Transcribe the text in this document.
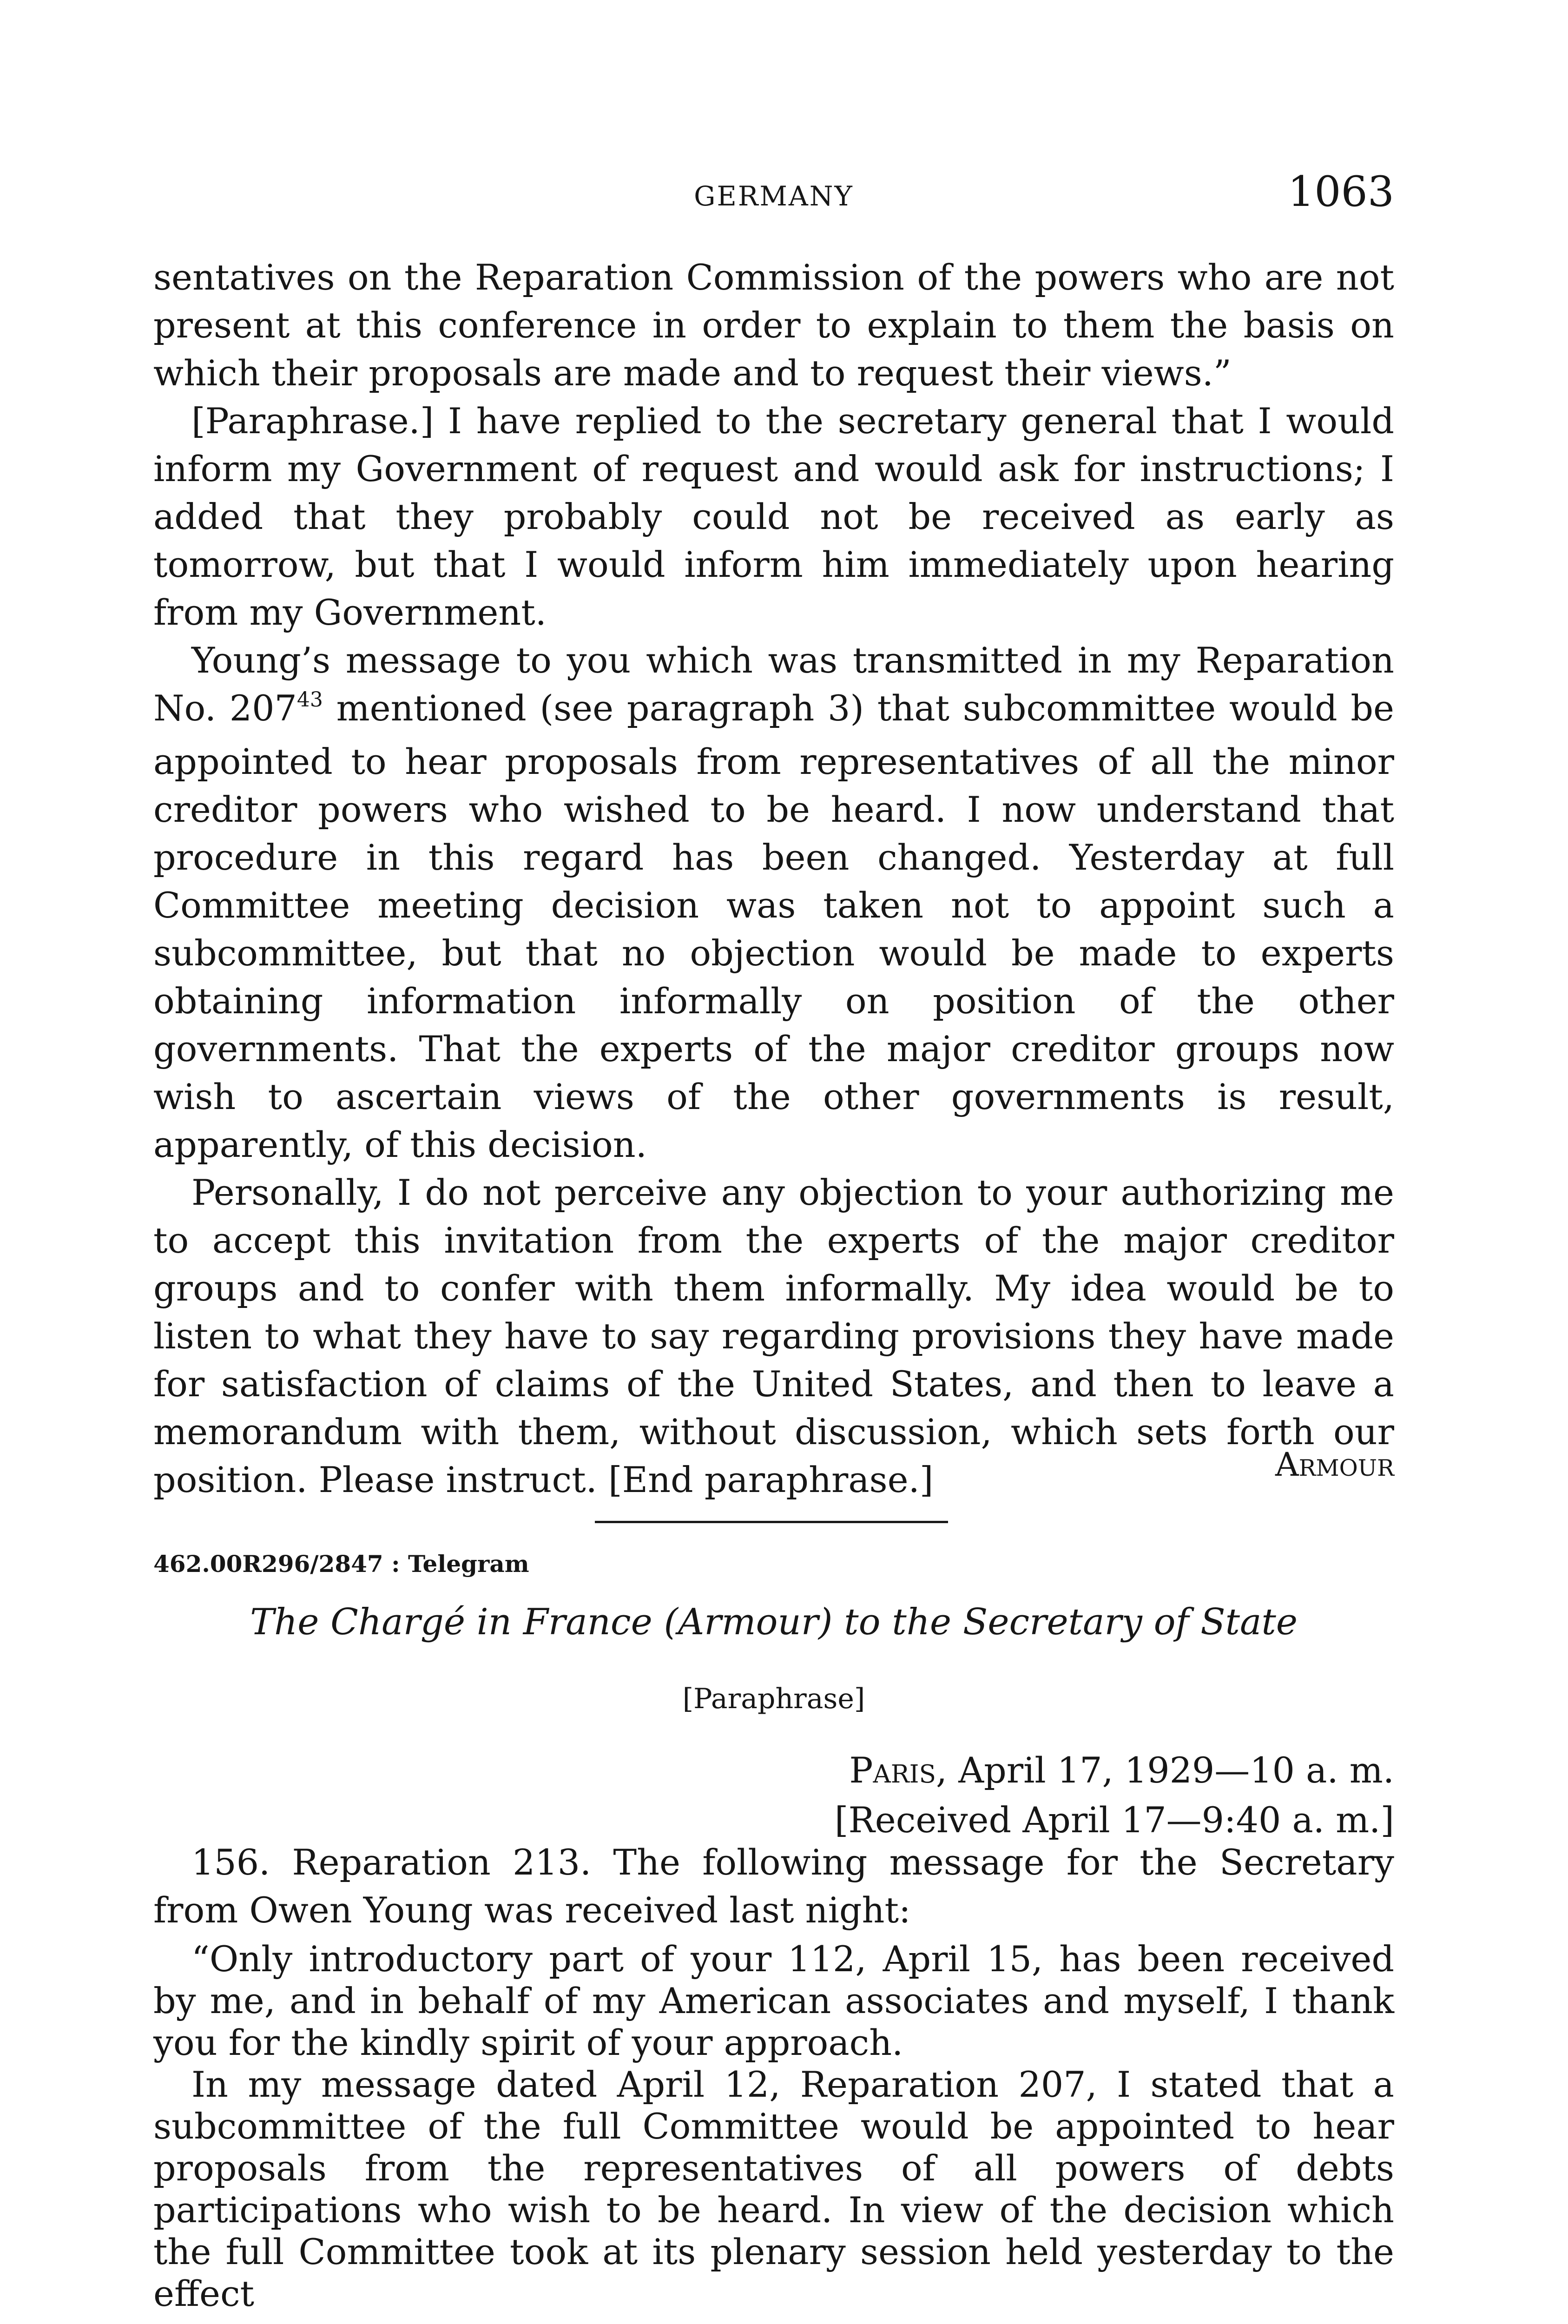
GERMANY	1063

sentatives on the Reparation Commission of the powers who are not present at this conference in order to explain to them the basis on which their proposals are made and to request their views.”

[Paraphrase.] I have replied to the secretary general that I would inform my Government of request and would ask for instructions; I added that they probably could not be received as early as tomorrow, but that I would inform him immediately upon hearing from my Government.

Young’s message to you which was transmitted in my Reparation No. $207^{43}$ mentioned (see paragraph 3) that subcommittee would be appointed to hear proposals from representatives of all the minor creditor powers who wished to be heard. I now understand that procedure in this regard has been changed. Yesterday at full Committee meeting decision was taken not to appoint such a subcommittee, but that no objection would be made to experts obtaining information informally on position of the other governments. That the experts of the major creditor groups now wish to ascertain views of the other governments is result, apparently, of this decision.

Personally, I do not perceive any objection to your authorizing me to accept this invitation from the experts of the major creditor groups and to confer with them informally. My idea would be to listen to what they have to say regarding provisions they have made for satisfaction of claims of the United States, and then to leave a memorandum with them, without discussion, which sets forth our position. Please instruct. [End paraphrase.]	Armour
462.00R296/2847 : Telegram
The Chargé in France (Armour) to the Secretary of State
[Paraphrase]
Paris, April 17, 1929—10 a. m.
[Received April 17—9:40 a. m.]

156. Reparation 213. The following message for the Secretary from Owen Young was received last night:

“Only introductory part of your 112, April 15, has been received by me, and in behalf of my American associates and myself, I thank you for the kindly spirit of your approach.

In my message dated April 12, Reparation 207, I stated that a subcommittee of the full Committee would be appointed to hear proposals from the representatives of all powers of debts participations who wish to be heard. In view of the decision which the full Committee took at its plenary session held yesterday to the effect
